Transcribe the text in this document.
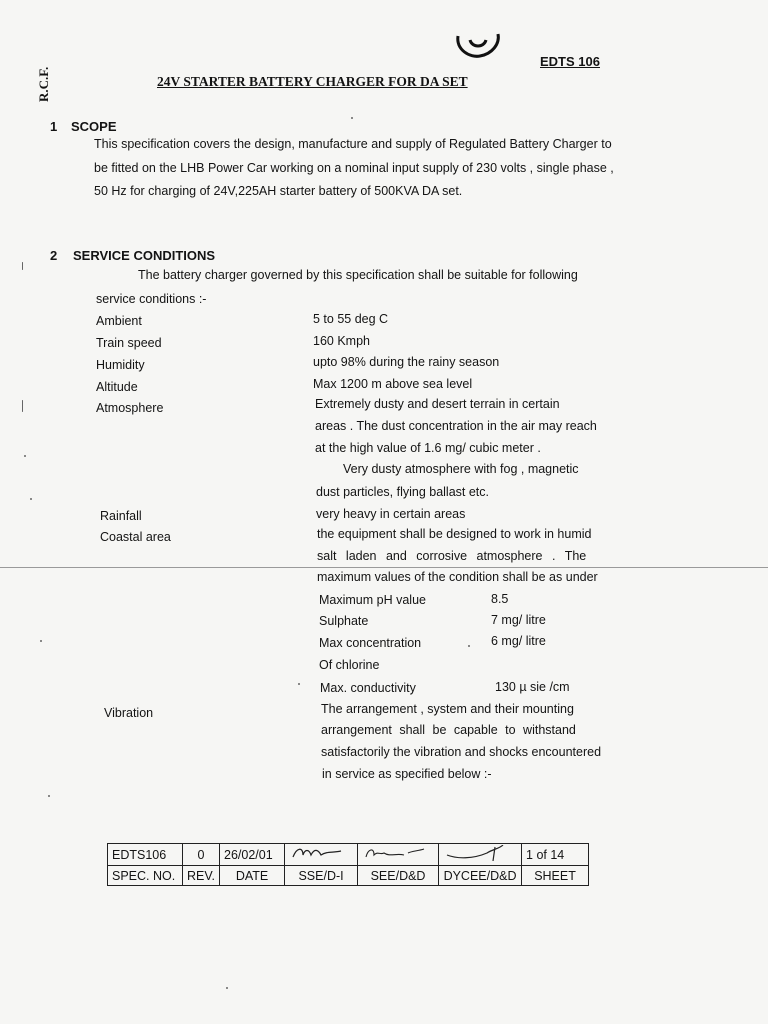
R.C.F.
EDTS 106
24V STARTER BATTERY CHARGER FOR DA SET
1 SCOPE
This specification covers the design, manufacture and supply of Regulated Battery Charger to be fitted on the LHB Power Car working on a nominal input supply of 230 volts , single phase , 50 Hz for charging of 24V,225AH starter battery of 500KVA DA set.
2 SERVICE CONDITIONS
The battery charger governed by this specification shall be suitable for following
service conditions :-
Ambient	5 to 55 deg C
Train speed	160 Kmph
Humidity	upto 98% during the rainy season
Altitude	Max 1200 m above sea level
Atmosphere	Extremely dusty and desert terrain in certain
areas . The dust concentration in the air may reach
at the high value of 1.6 mg/ cubic meter .
Very dusty atmosphere with fog , magnetic
dust particles, flying ballast etc.
Rainfall	very heavy in certain areas
Coastal area	the equipment shall be designed to work in humid
salt laden and corrosive atmosphere . The
maximum values of the condition shall be as under
Maximum pH value	8.5
Sulphate	7 mg/ litre
Max concentration	6 mg/ litre
Of chlorine
Max. conductivity	130 µ sie /cm
Vibration	The arrangement , system and their mounting
arrangement shall be capable to withstand
satisfactorily the vibration and shocks encountered
in service as specified below :-
EDTS106	0	26/02/01				1 of 14
SPEC. NO.	REV.	DATE	SSE/D-I	SEE/D&D	DYCEE/D&D	SHEET
